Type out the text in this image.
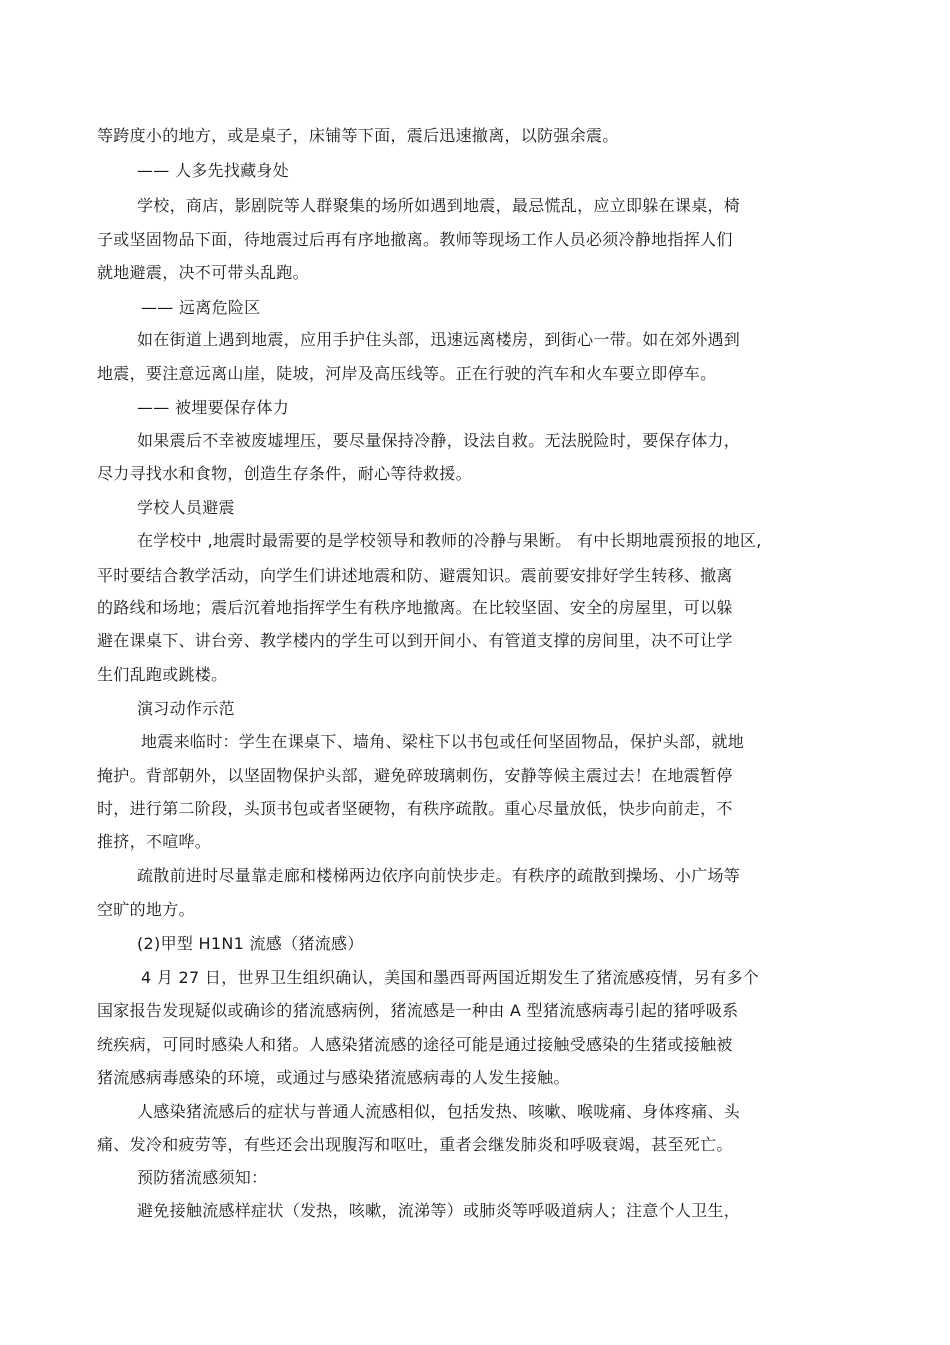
等跨度小的地方，或是桌子，床铺等下面，震后迅速撤离，以防强余震。
—— 人多先找藏身处
学校，商店，影剧院等人群聚集的场所如遇到地震，最忌慌乱，应立即躲在课桌，椅
子或坚固物品下面，待地震过后再有序地撤离。教师等现场工作人员必须冷静地指挥人们
就地避震，决不可带头乱跑。
—— 远离危险区
如在街道上遇到地震，应用手护住头部，迅速远离楼房，到街心一带。如在郊外遇到
地震，要注意远离山崖，陡坡，河岸及高压线等。正在行驶的汽车和火车要立即停车。
—— 被埋要保存体力
如果震后不幸被废墟埋压，要尽量保持冷静，设法自救。无法脱险时，要保存体力，
尽力寻找水和食物，创造生存条件，耐心等待救援。
学校人员避震
在学校中 ,地震时最需要的是学校领导和教师的冷静与果断。 有中长期地震预报的地区,
平时要结合教学活动，向学生们讲述地震和防、避震知识。震前要安排好学生转移、撤离
的路线和场地；震后沉着地指挥学生有秩序地撤离。在比较坚固、安全的房屋里，可以躲
避在课桌下、讲台旁、教学楼内的学生可以到开间小、有管道支撑的房间里，决不可让学
生们乱跑或跳楼。
演习动作示范
地震来临时：学生在课桌下、墙角、梁柱下以书包或任何坚固物品，保护头部，就地
掩护。背部朝外，以坚固物保护头部，避免碎玻璃刺伤，安静等候主震过去！在地震暂停
时，进行第二阶段，头顶书包或者坚硬物，有秩序疏散。重心尽量放低，快步向前走，不
推挤，不喧哗。
疏散前进时尽量靠走廊和楼梯两边依序向前快步走。有秩序的疏散到操场、小广场等
空旷的地方。
(2)甲型 H1N1 流感（猪流感）
4 月 27 日，世界卫生组织确认，美国和墨西哥两国近期发生了猪流感疫情，另有多个
国家报告发现疑似或确诊的猪流感病例，猪流感是一种由 A 型猪流感病毒引起的猪呼吸系
统疾病，可同时感染人和猪。人感染猪流感的途径可能是通过接触受感染的生猪或接触被
猪流感病毒感染的环境，或通过与感染猪流感病毒的人发生接触。
人感染猪流感后的症状与普通人流感相似，包括发热、咳嗽、喉咙痛、身体疼痛、头
痛、发冷和疲劳等，有些还会出现腹泻和呕吐，重者会继发肺炎和呼吸衰竭，甚至死亡。
预防猪流感须知：
避免接触流感样症状（发热，咳嗽，流涕等）或肺炎等呼吸道病人；注意个人卫生，
